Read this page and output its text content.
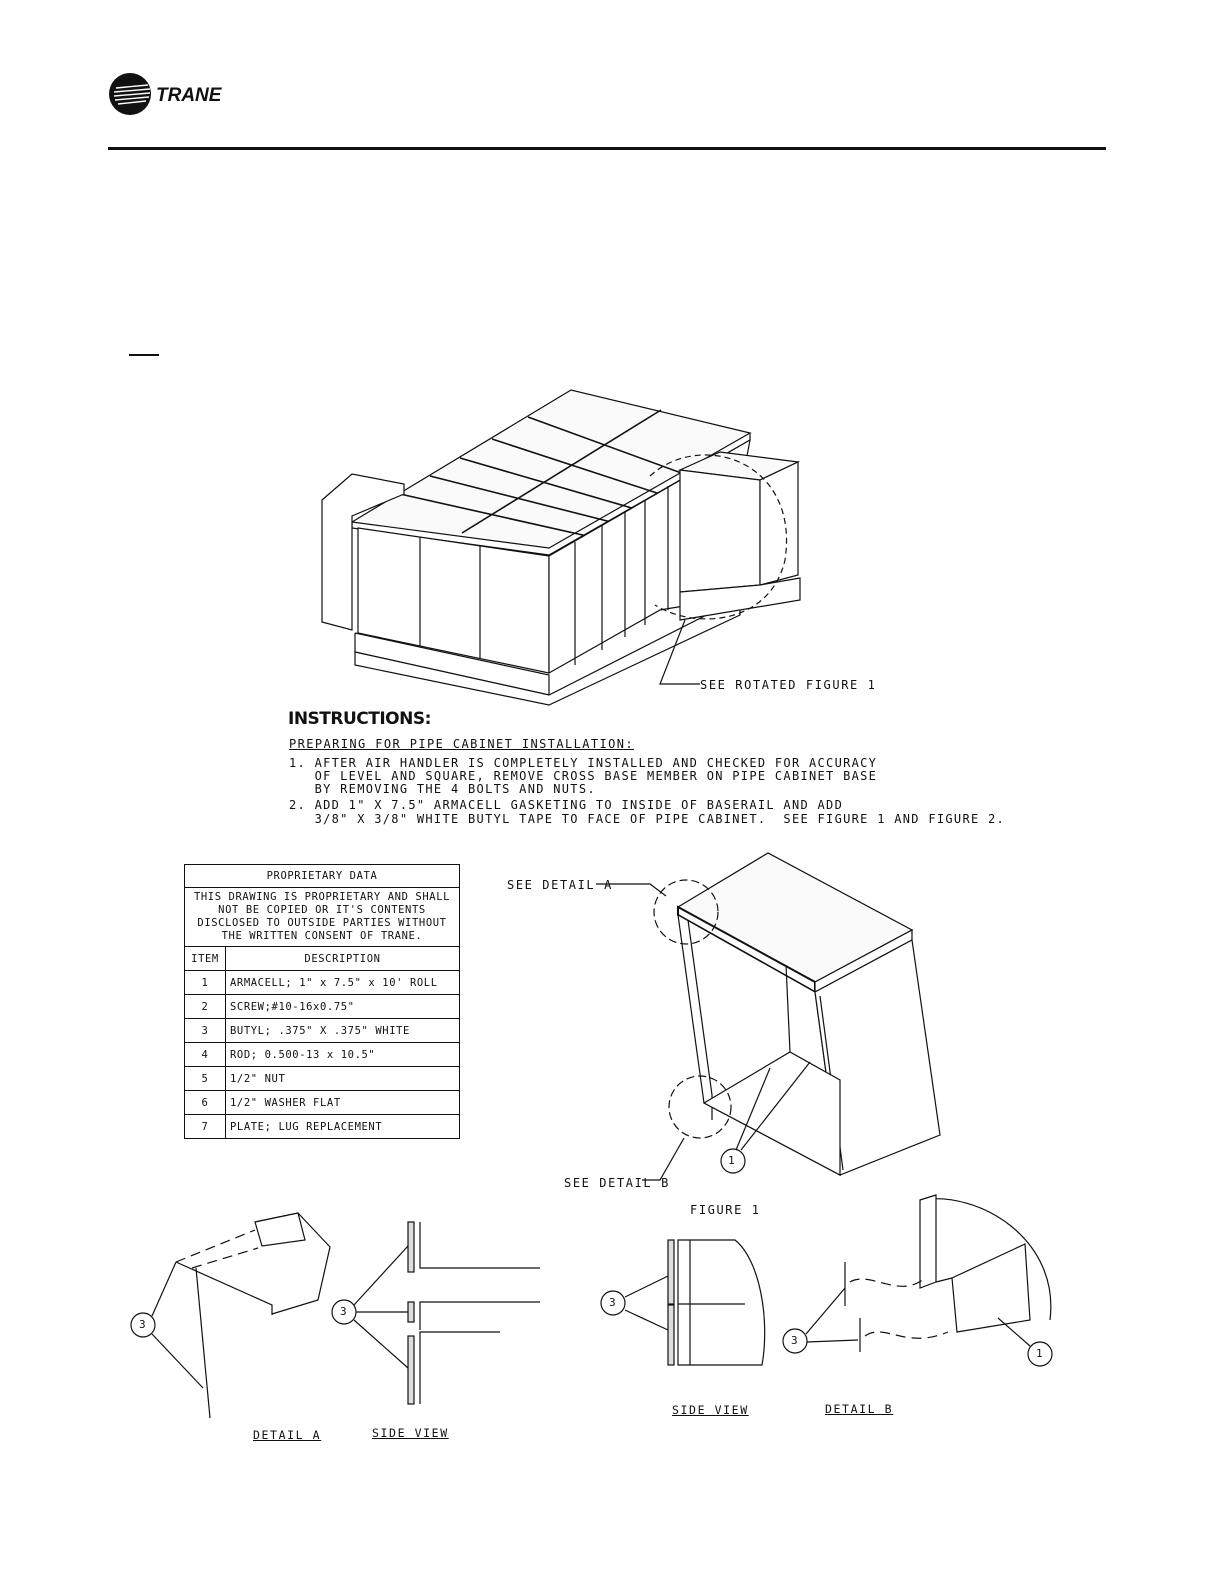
TRANE
SEE ROTATED FIGURE 1
INSTRUCTIONS:
PREPARING FOR PIPE CABINET INSTALLATION:
1. AFTER AIR HANDLER IS COMPLETELY INSTALLED AND CHECKED FOR ACCURACY
OF LEVEL AND SQUARE, REMOVE CROSS BASE MEMBER ON PIPE CABINET BASE
BY REMOVING THE 4 BOLTS AND NUTS.
2. ADD 1" X 7.5" ARMACELL GASKETING TO INSIDE OF BASERAIL AND ADD
3/8" X 3/8" WHITE BUTYL TAPE TO FACE OF PIPE CABINET.  SEE FIGURE 1 AND FIGURE 2.
PROPRIETARY DATA	
THIS DRAWING IS PROPRIETARY AND SHALL NOT BE COPIED OR IT'S CONTENTS DISCLOSED TO OUTSIDE PARTIES WITHOUT THE WRITTEN CONSENT OF TRANE.	
ITEM	DESCRIPTION
1	ARMACELL; 1" x 7.5" x 10' ROLL
2	SCREW;#10-16x0.75"
3	BUTYL; .375" X .375" WHITE
4	ROD; 0.500-13 x 10.5"
5	1/2" NUT
6	1/2" WASHER FLAT
7	PLATE; LUG REPLACEMENT
SEE DETAIL A
SEE DETAIL B
FIGURE 1
1
3
3
3
3
1
DETAIL A	SIDE VIEW
SIDE VIEW	DETAIL B
